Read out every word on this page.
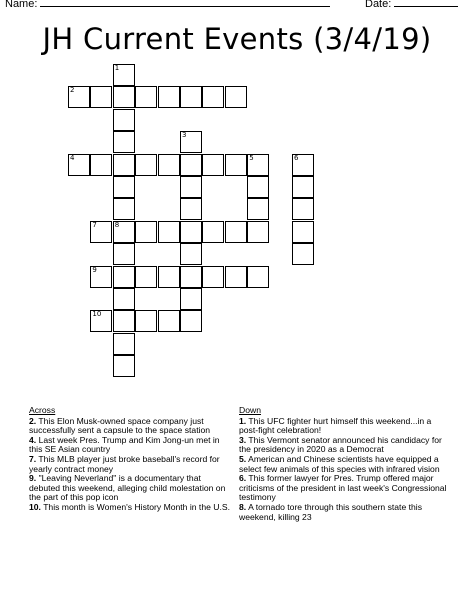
Name:	Date:
JH Current Events (3/4/19)
2
4
7	8
9
10
1
3
5	6
Across

2. This Elon Musk-owned space company just successfully sent a capsule to the space station

4. Last week Pres. Trump and Kim Jong-un met in this SE Asian country

7. This MLB player just broke baseball's record for yearly contract money

9. "Leaving Neverland" is a documentary that debuted this weekend, alleging child molestation on the part of this pop icon

10. This month is Women's History Month in the U.S.

Down

1. This UFC fighter hurt himself this weekend...in a post-fight celebration!

3. This Vermont senator announced his candidacy for the presidency in 2020 as a Democrat

5. American and Chinese scientists have equipped a select few animals of this species with infrared vision

6. This former lawyer for Pres. Trump offered major criticisms of the president in last week's Congressional testimony

8. A tornado tore through this southern state this weekend, killing 23
